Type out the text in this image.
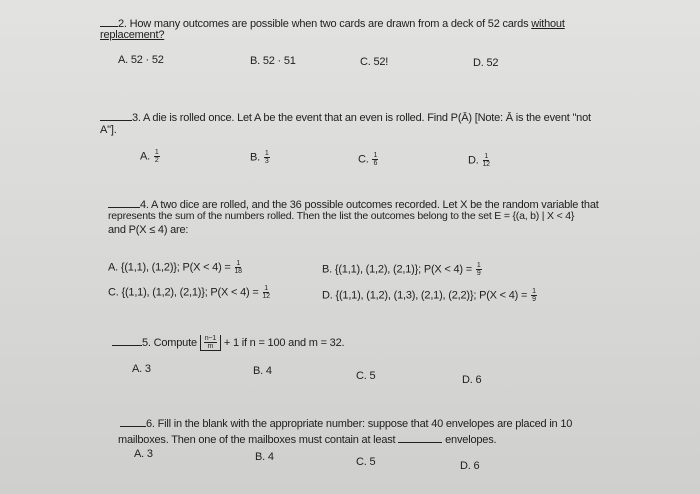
2. How many outcomes are possible when two cards are drawn from a deck of 52 cards without
replacement?
A. 52 · 52	B. 52 · 51	C. 52!	D. 52
3. A die is rolled once. Let A be the event that an even is rolled. Find P(Ā) [Note: Ā is the event "not
A"].
A. $\frac{1}{2}$	B. $\frac{1}{3}$	C. $\frac{1}{6}$	D. $\frac{1}{12}$
4. A two dice are rolled, and the 36 possible outcomes recorded. Let X be the random variable that
represents the sum of the numbers rolled. Then the list the outcomes belong to the set E = {(a, b) | X < 4}
and P(X ≤ 4) are:
A. {(1,1), (1,2)}; $P(X < 4) = \frac{1}{18}$	B. {(1,1), (1,2), (2,1)}; $P(X < 4) = \frac{1}{9}$
C. {(1,1), (1,2), (2,1)}; $P(X < 4) = \frac{1}{12}$	D. {(1,1), (1,2), (1,3), (2,1), (2,2)}; $P(X < 4) = \frac{1}{9}$
5. Compute $\frac{n-1}{m} + 1$ if n = 100 and m = 32.
A. 3	B. 4	C. 5	D. 6
6. Fill in the blank with the appropriate number: suppose that 40 envelopes are placed in 10
mailboxes. Then one of the mailboxes must contain at least	envelopes.
A. 3	B. 4	C. 5	D. 6
